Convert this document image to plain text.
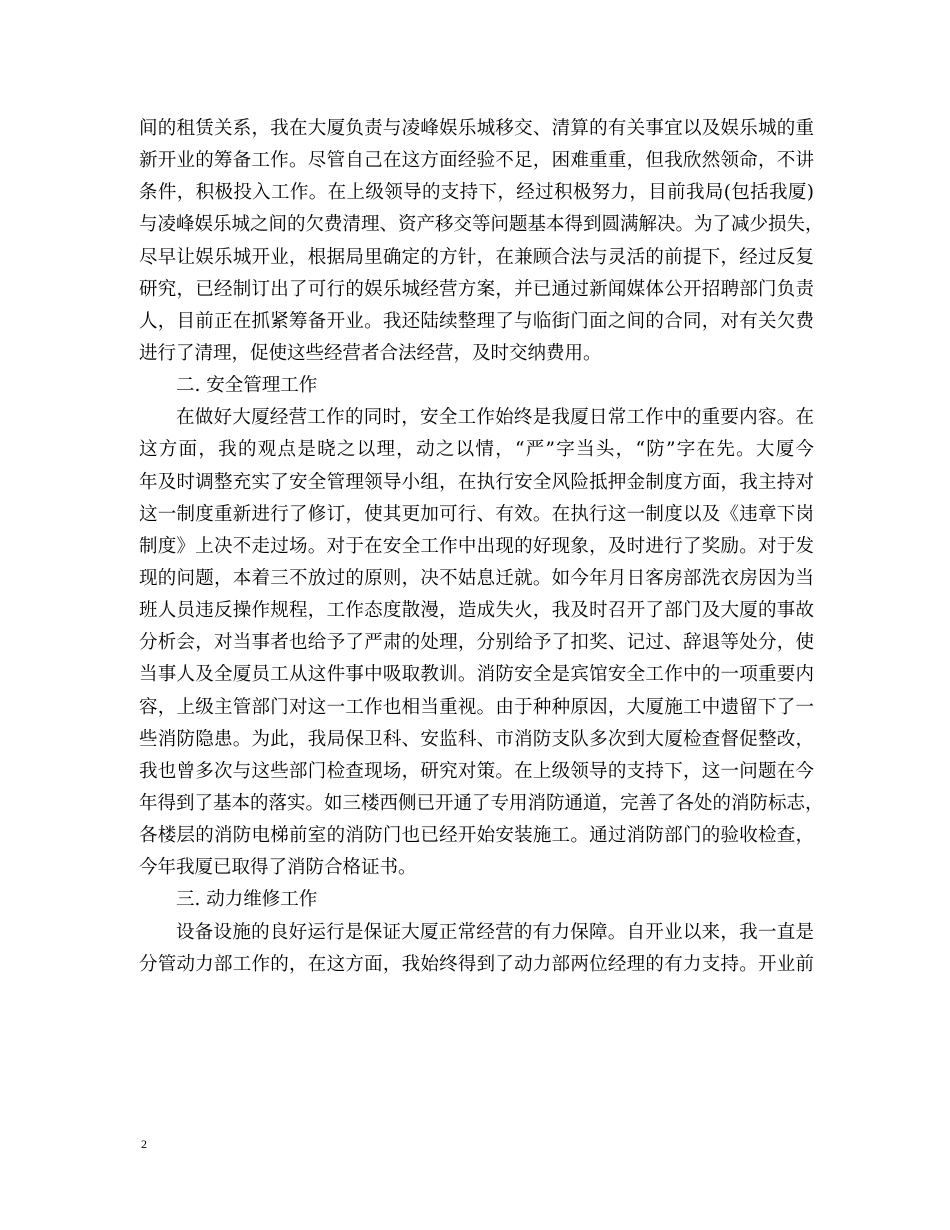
间的租赁关系，我在大厦负责与凌峰娱乐城移交、清算的有关事宜以及娱乐城的重
新开业的筹备工作。尽管自己在这方面经验不足，困难重重，但我欣然领命，不讲
条件，积极投入工作。在上级领导的支持下，经过积极努力，目前我局(包括我厦)
与凌峰娱乐城之间的欠费清理、资产移交等问题基本得到圆满解决。为了减少损失，
尽早让娱乐城开业，根据局里确定的方针，在兼顾合法与灵活的前提下，经过反复
研究，已经制订出了可行的娱乐城经营方案，并已通过新闻媒体公开招聘部门负责
人，目前正在抓紧筹备开业。我还陆续整理了与临街门面之间的合同，对有关欠费
进行了清理，促使这些经营者合法经营，及时交纳费用。
二. 安全管理工作
在做好大厦经营工作的同时，安全工作始终是我厦日常工作中的重要内容。在
这方面，我的观点是晓之以理，动之以情，“严”字当头，“防”字在先。大厦今
年及时调整充实了安全管理领导小组，在执行安全风险抵押金制度方面，我主持对
这一制度重新进行了修订，使其更加可行、有效。在执行这一制度以及《违章下岗
制度》上决不走过场。对于在安全工作中出现的好现象，及时进行了奖励。对于发
现的问题，本着三不放过的原则，决不姑息迁就。如今年月日客房部洗衣房因为当
班人员违反操作规程，工作态度散漫，造成失火，我及时召开了部门及大厦的事故
分析会，对当事者也给予了严肃的处理，分别给予了扣奖、记过、辞退等处分，使
当事人及全厦员工从这件事中吸取教训。消防安全是宾馆安全工作中的一项重要内
容，上级主管部门对这一工作也相当重视。由于种种原因，大厦施工中遗留下了一
些消防隐患。为此，我局保卫科、安监科、市消防支队多次到大厦检查督促整改，
我也曾多次与这些部门检查现场，研究对策。在上级领导的支持下，这一问题在今
年得到了基本的落实。如三楼西侧已开通了专用消防通道，完善了各处的消防标志，
各楼层的消防电梯前室的消防门也已经开始安装施工。通过消防部门的验收检查，
今年我厦已取得了消防合格证书。
三. 动力维修工作
设备设施的良好运行是保证大厦正常经营的有力保障。自开业以来，我一直是
分管动力部工作的，在这方面，我始终得到了动力部两位经理的有力支持。开业前
2
